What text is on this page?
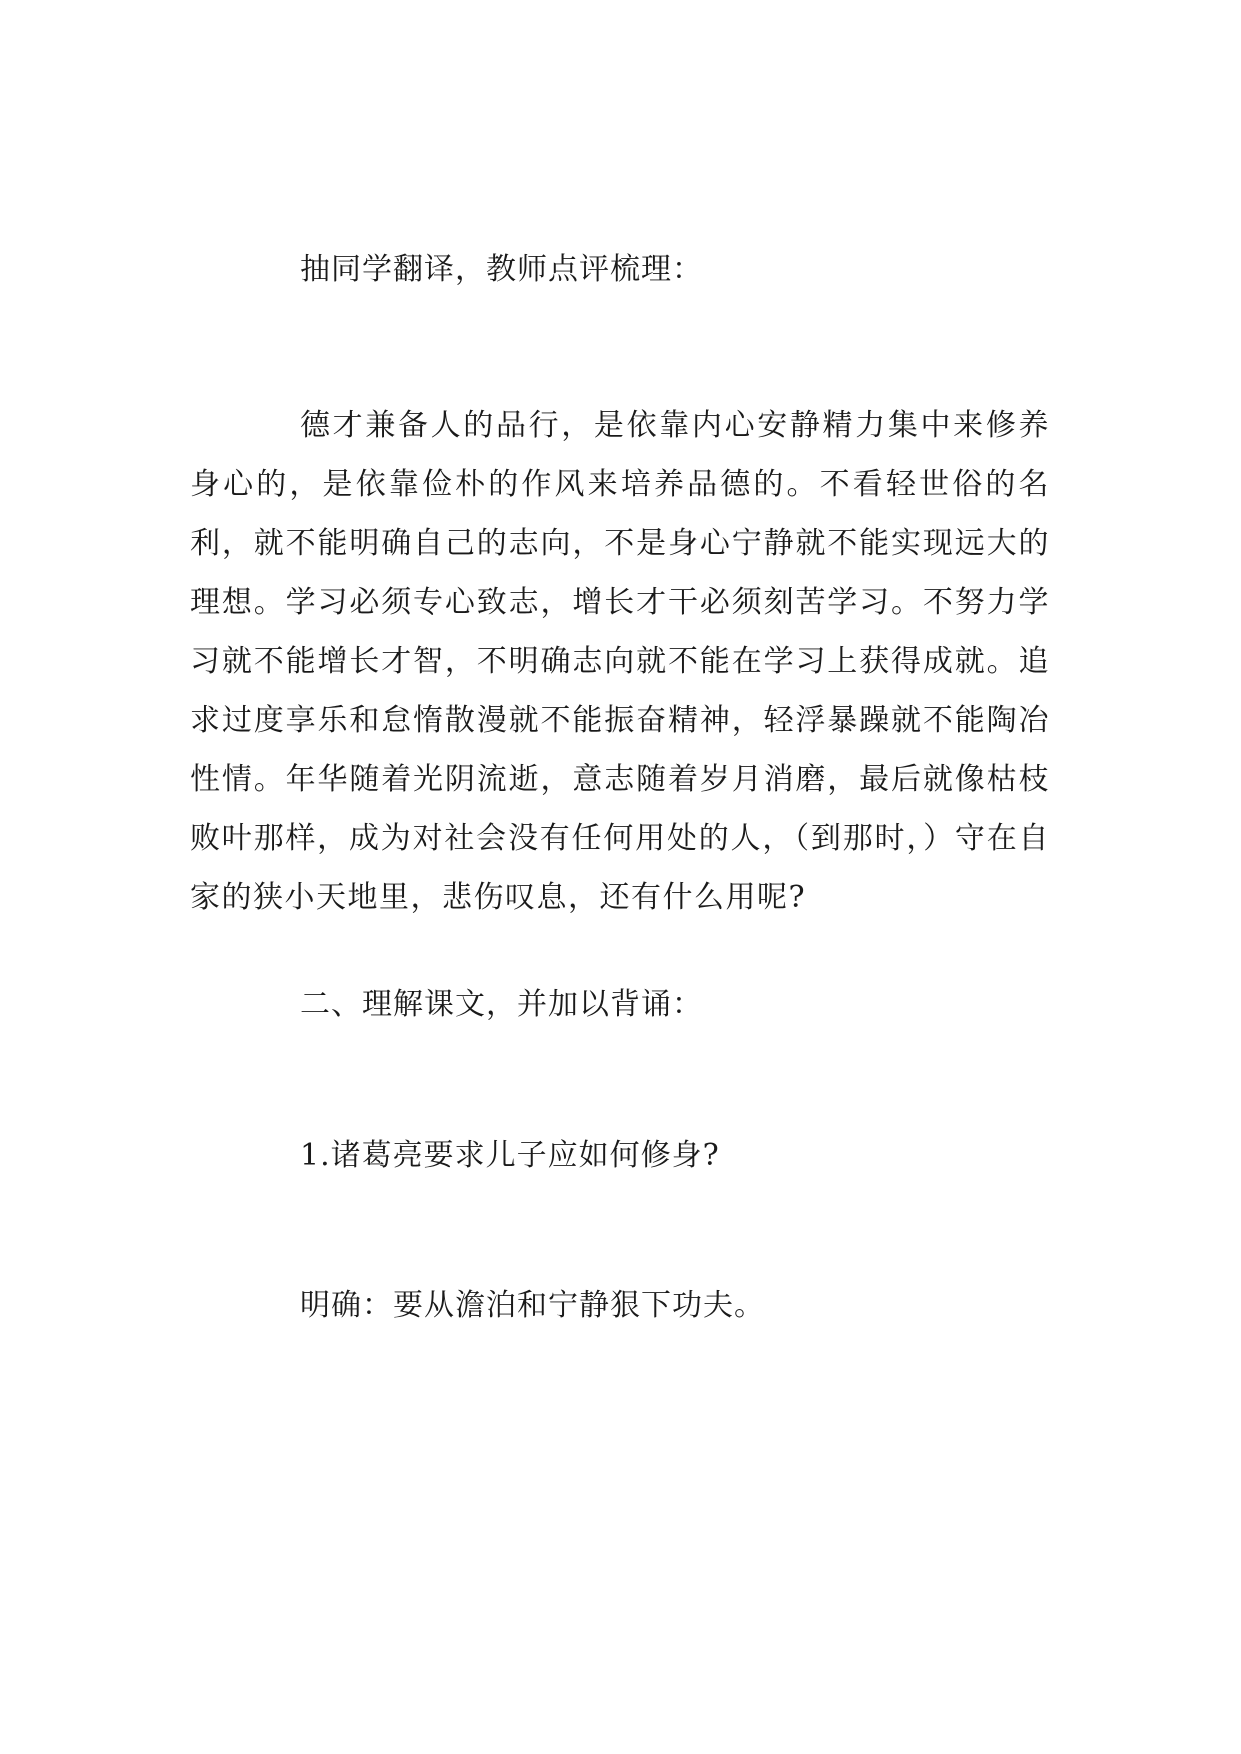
抽同学翻译，教师点评梳理：
德才兼备人的品行，是依靠内心安静精力集中来修养身心的，是依靠俭朴的作风来培养品德的。不看轻世俗的名利，就不能明确自己的志向，不是身心宁静就不能实现远大的理想。学习必须专心致志，增长才干必须刻苦学习。不努力学习就不能增长才智，不明确志向就不能在学习上获得成就。追求过度享乐和怠惰散漫就不能振奋精神，轻浮暴躁就不能陶冶性情。年华随着光阴流逝，意志随着岁月消磨，最后就像枯枝败叶那样，成为对社会没有任何用处的人，（到那时，）守在自家的狭小天地里，悲伤叹息，还有什么用呢?
二、理解课文，并加以背诵：
1.诸葛亮要求儿子应如何修身?
明确：要从澹泊和宁静狠下功夫。
